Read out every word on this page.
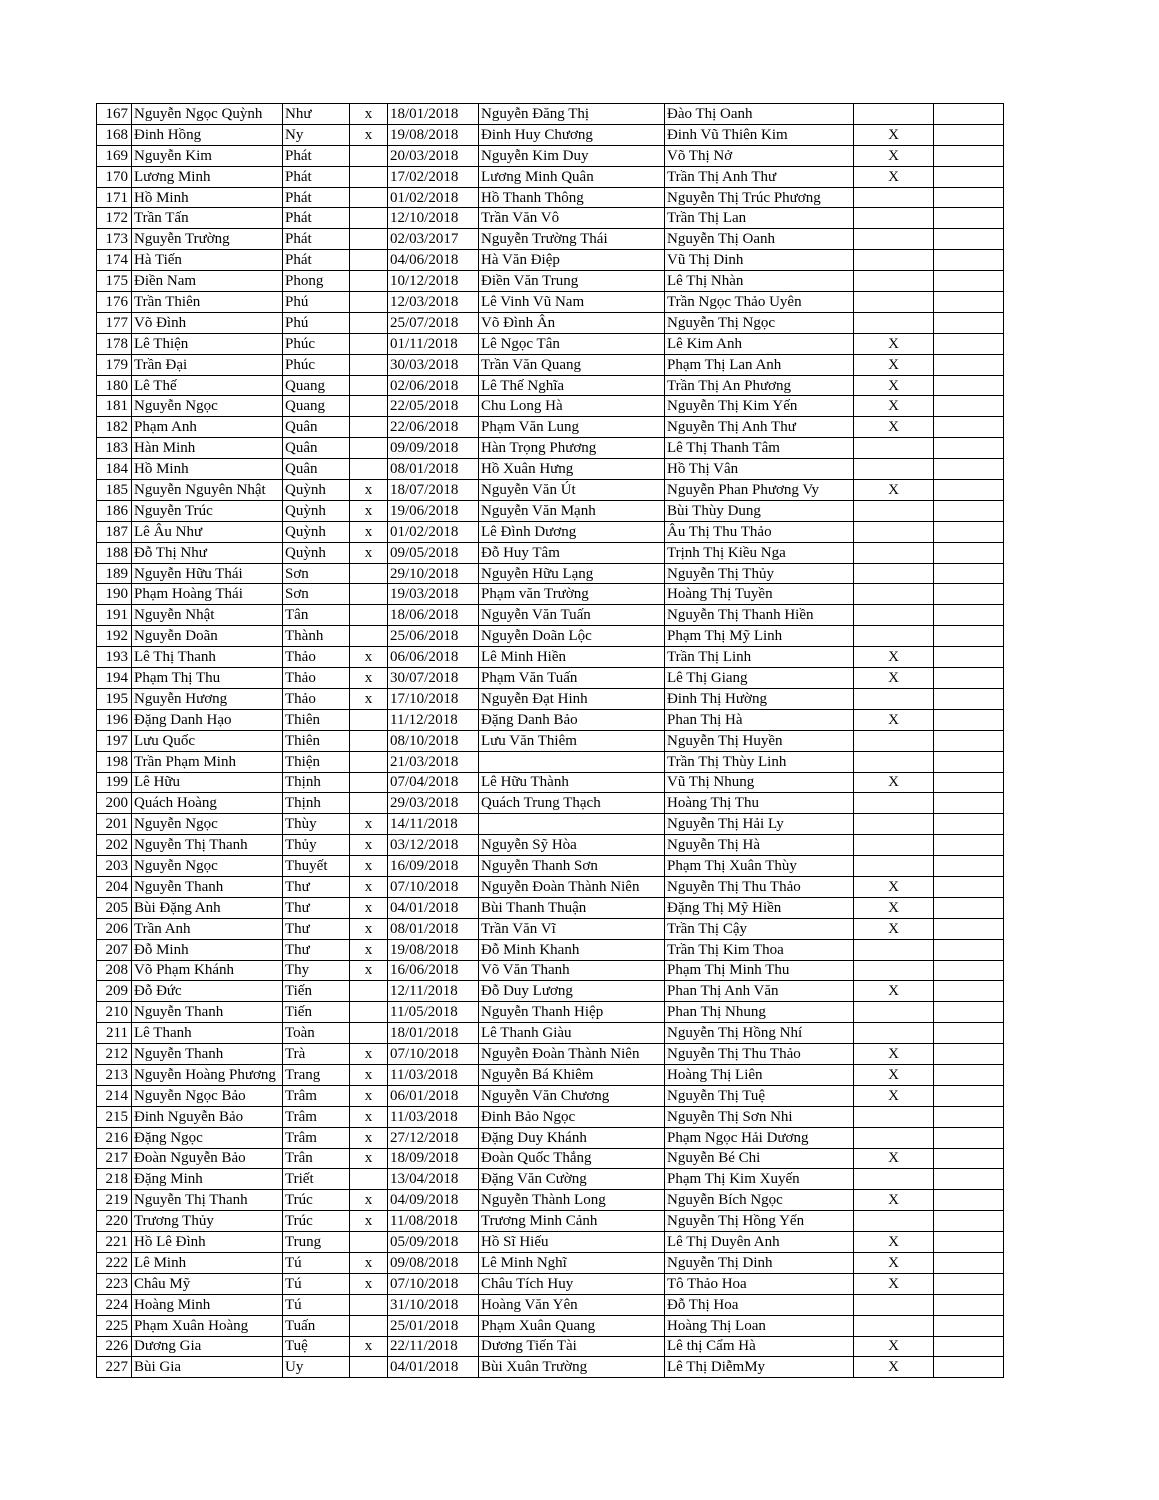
167	Nguyễn Ngọc Quỳnh	Như	x	18/01/2018	Nguyễn Đăng Thị	Đào Thị Oanh		
168	Đinh Hồng	Ny	x	19/08/2018	Đinh Huy Chương	Đinh Vũ Thiên Kim	X	
169	Nguyễn Kim	Phát		20/03/2018	Nguyễn Kim Duy	Võ Thị Nở	X	
170	Lương Minh	Phát		17/02/2018	Lương Minh Quân	Trần Thị Anh Thư	X	
171	Hồ Minh	Phát		01/02/2018	Hồ Thanh Thông	Nguyễn Thị Trúc Phương		
172	Trần Tấn	Phát		12/10/2018	Trần Văn Vô	Trần Thị Lan		
173	Nguyễn Trường	Phát		02/03/2017	Nguyễn Trường Thái	Nguyễn Thị Oanh		
174	Hà Tiến	Phát		04/06/2018	Hà Văn Điệp	Vũ Thị Dinh		
175	Điền Nam	Phong		10/12/2018	Điền Văn Trung	Lê Thị Nhàn		
176	Trần Thiên	Phú		12/03/2018	Lê Vinh Vũ Nam	Trần Ngọc Thảo Uyên		
177	Võ Đình	Phú		25/07/2018	Võ Đình Ân	Nguyễn Thị Ngọc		
178	Lê Thiện	Phúc		01/11/2018	Lê Ngọc Tân	Lê Kim Anh	X	
179	Trần Đại	Phúc		30/03/2018	Trần Văn Quang	Phạm Thị Lan Anh	X	
180	Lê Thế	Quang		02/06/2018	Lê Thế Nghĩa	Trần Thị An Phương	X	
181	Nguyễn Ngọc	Quang		22/05/2018	Chu Long Hà	Nguyễn Thị Kim Yến	X	
182	Phạm Anh	Quân		22/06/2018	Phạm Văn Lung	Nguyễn Thị Anh Thư	X	
183	Hàn Minh	Quân		09/09/2018	Hàn Trọng Phương	Lê Thị Thanh Tâm		
184	Hồ Minh	Quân		08/01/2018	Hồ Xuân Hưng	Hồ Thị Vân		
185	Nguyễn Nguyên Nhật	Quỳnh	x	18/07/2018	Nguyễn Văn Út	Nguyễn Phan Phương Vy	X	
186	Nguyễn Trúc	Quỳnh	x	19/06/2018	Nguyễn Văn Mạnh	Bùi Thùy Dung		
187	Lê Âu Như	Quỳnh	x	01/02/2018	Lê Đình Dương	Âu Thị Thu Thảo		
188	Đỗ Thị Như	Quỳnh	x	09/05/2018	Đỗ Huy Tâm	Trịnh Thị Kiều Nga		
189	Nguyễn Hữu Thái	Sơn		29/10/2018	Nguyễn Hữu Lạng	Nguyễn Thị Thủy		
190	Phạm Hoàng Thái	Sơn		19/03/2018	Phạm văn Trường	Hoàng Thị Tuyền		
191	Nguyễn Nhật	Tân		18/06/2018	Nguyễn Văn Tuấn	Nguyễn Thị Thanh Hiền		
192	Nguyễn Doãn	Thành		25/06/2018	Nguyễn Doãn Lộc	Phạm Thị Mỹ Linh		
193	Lê Thị Thanh	Thảo	x	06/06/2018	Lê Minh Hiền	Trần Thị Linh	X	
194	Phạm Thị Thu	Thảo	x	30/07/2018	Phạm Văn Tuấn	Lê Thị Giang	X	
195	Nguyễn Hương	Thảo	x	17/10/2018	Nguyễn Đạt Hinh	Đinh Thị Hường		
196	Đặng Danh Hạo	Thiên		11/12/2018	Đặng Danh Bảo	Phan Thị Hà	X	
197	Lưu Quốc	Thiên		08/10/2018	Lưu Văn Thiêm	Nguyễn Thị Huyền		
198	Trần Phạm Minh	Thiện		21/03/2018		Trần Thị Thùy Linh		
199	Lê Hữu	Thịnh		07/04/2018	Lê Hữu Thành	Vũ Thị Nhung	X	
200	Quách Hoàng	Thịnh		29/03/2018	Quách Trung Thạch	Hoàng Thị Thu		
201	Nguyễn Ngọc	Thùy	x	14/11/2018		Nguyễn Thị Hải Ly		
202	Nguyễn Thị Thanh	Thủy	x	03/12/2018	Nguyễn Sỹ Hòa	Nguyễn Thị Hà		
203	Nguyễn Ngọc	Thuyết	x	16/09/2018	Nguyễn Thanh Sơn	Phạm Thị Xuân Thùy		
204	Nguyễn Thanh	Thư	x	07/10/2018	Nguyễn Đoàn Thành Niên	Nguyễn Thị Thu Thảo	X	
205	Bùi Đặng Anh	Thư	x	04/01/2018	Bùi Thanh Thuận	Đặng Thị Mỹ Hiền	X	
206	Trần Anh	Thư	x	08/01/2018	Trần Văn Vĩ	Trần Thị Cậy	X	
207	Đỗ Minh	Thư	x	19/08/2018	Đỗ Minh Khanh	Trần Thị Kim Thoa		
208	Võ Phạm Khánh	Thy	x	16/06/2018	Võ Văn Thanh	Phạm Thị Minh Thu		
209	Đỗ Đức	Tiến		12/11/2018	Đỗ Duy Lương	Phan Thị Anh Văn	X	
210	Nguyễn Thanh	Tiến		11/05/2018	Nguyễn Thanh Hiệp	Phan Thị Nhung		
211	Lê Thanh	Toàn		18/01/2018	Lê Thanh Giàu	Nguyễn Thị Hồng Nhí		
212	Nguyễn Thanh	Trà	x	07/10/2018	Nguyễn Đoàn Thành Niên	Nguyễn Thị Thu Thảo	X	
213	Nguyễn Hoàng Phương	Trang	x	11/03/2018	Nguyễn Bá Khiêm	Hoàng Thị Liên	X	
214	Nguyễn Ngọc Bảo	Trâm	x	06/01/2018	Nguyễn Văn Chương	Nguyễn Thị Tuệ	X	
215	Đinh Nguyễn Bảo	Trâm	x	11/03/2018	Đinh Bảo Ngọc	Nguyễn Thị Sơn Nhi		
216	Đặng Ngọc	Trâm	x	27/12/2018	Đặng Duy Khánh	Phạm Ngọc Hải Dương		
217	Đoàn Nguyễn Bảo	Trân	x	18/09/2018	Đoàn Quốc Thắng	Nguyễn Bé Chi	X	
218	Đặng Minh	Triết		13/04/2018	Đặng Văn Cường	Phạm Thị Kim Xuyến		
219	Nguyễn Thị Thanh	Trúc	x	04/09/2018	Nguyễn Thành Long	Nguyễn Bích Ngọc	X	
220	Trương Thủy	Trúc	x	11/08/2018	Trương Minh Cảnh	Nguyễn Thị Hồng Yến		
221	Hồ Lê Đình	Trung		05/09/2018	Hồ Sĩ Hiếu	Lê Thị Duyên Anh	X	
222	Lê Minh	Tú	x	09/08/2018	Lê Minh Nghĩ	Nguyễn Thị Dinh	X	
223	Châu Mỹ	Tú	x	07/10/2018	Châu Tích Huy	Tô Thảo Hoa	X	
224	Hoàng Minh	Tú		31/10/2018	Hoàng Văn Yên	Đỗ Thị Hoa		
225	Phạm Xuân Hoàng	Tuấn		25/01/2018	Phạm Xuân Quang	Hoàng Thị Loan		
226	Dương Gia	Tuệ	x	22/11/2018	Dương Tiến Tài	Lê thị Cẩm Hà	X	
227	Bùi Gia	Uy		04/01/2018	Bùi Xuân Trường	Lê Thị DiễmMy	X	
